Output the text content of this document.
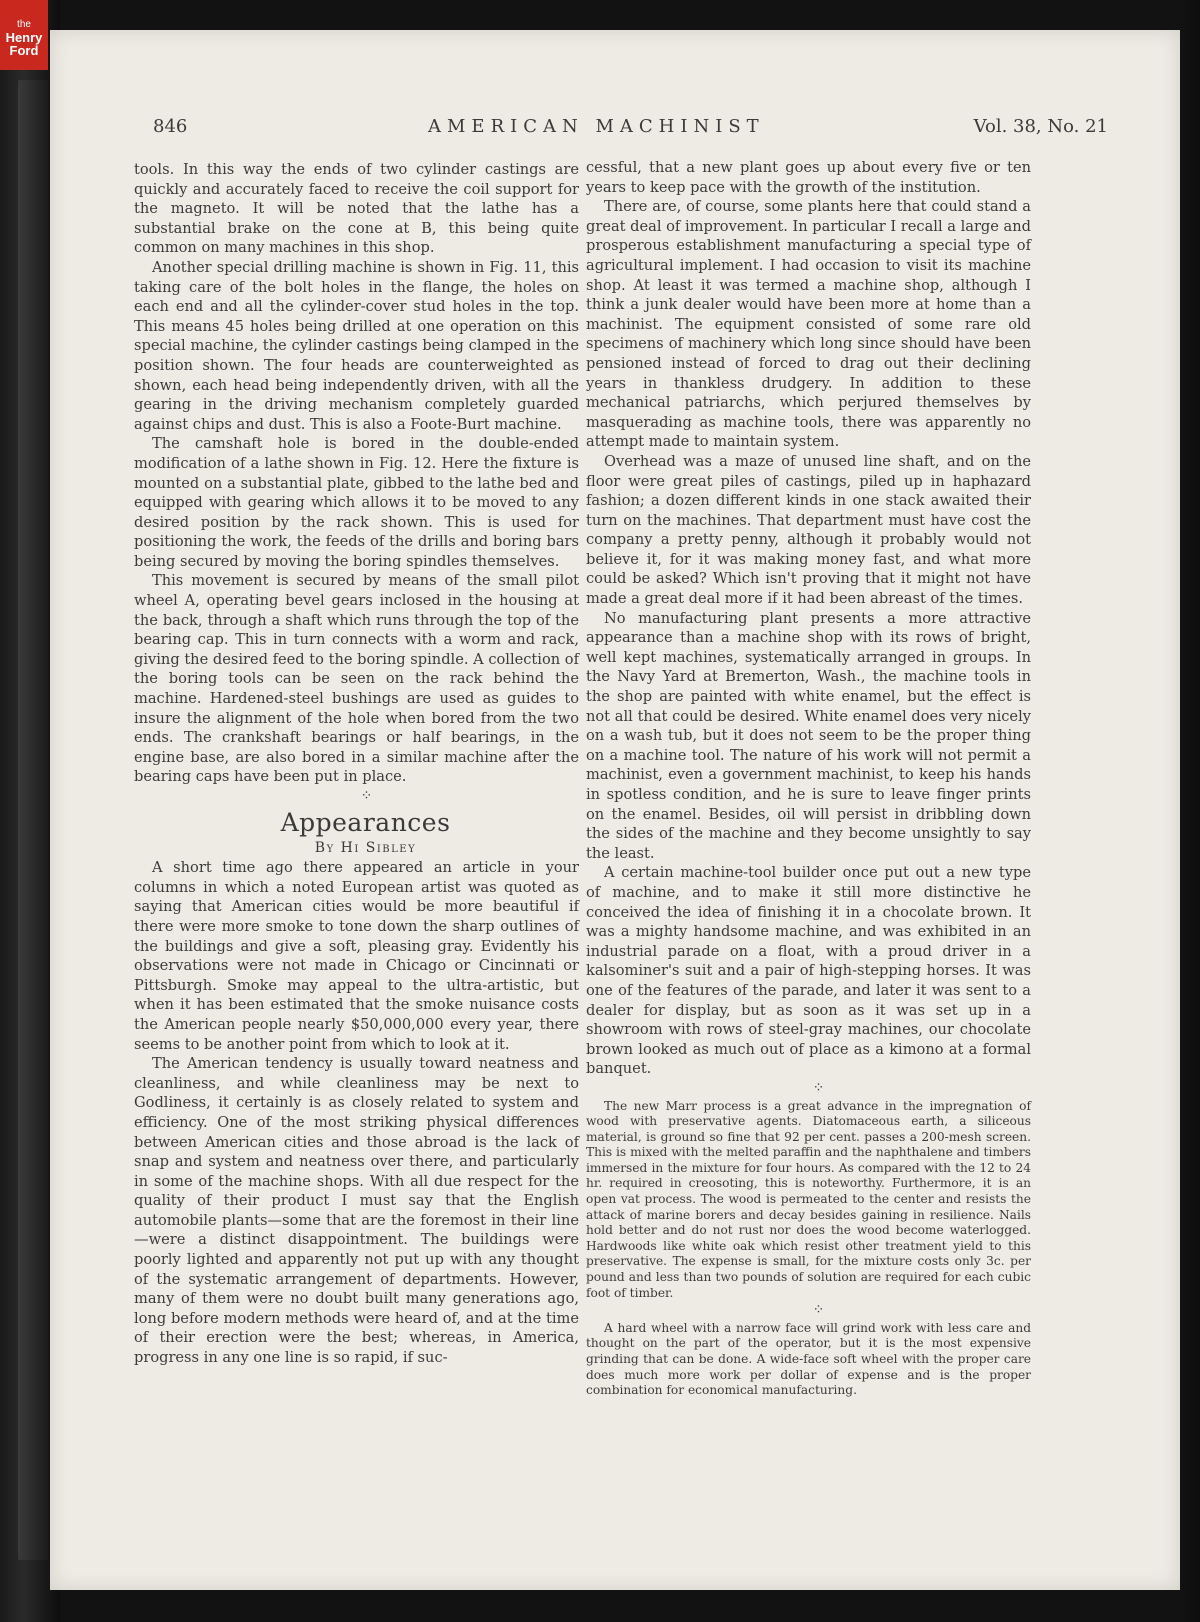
the
Henry
Ford
846	AMERICAN MACHINIST	Vol. 38, No. 21

tools. In this way the ends of two cylinder castings are quickly and accurately faced to receive the coil support for the magneto. It will be noted that the lathe has a substantial brake on the cone at B, this being quite common on many machines in this shop.

Another special drilling machine is shown in Fig. 11, this taking care of the bolt holes in the flange, the holes on each end and all the cylinder-cover stud holes in the top. This means 45 holes being drilled at one operation on this special machine, the cylinder castings being clamped in the position shown. The four heads are counterweighted as shown, each head being independently driven, with all the gearing in the driving mechanism completely guarded against chips and dust. This is also a Foote-Burt machine.

The camshaft hole is bored in the double-ended modification of a lathe shown in Fig. 12. Here the fixture is mounted on a substantial plate, gibbed to the lathe bed and equipped with gearing which allows it to be moved to any desired position by the rack shown. This is used for positioning the work, the feeds of the drills and boring bars being secured by moving the boring spindles themselves.

This movement is secured by means of the small pilot wheel A, operating bevel gears inclosed in the housing at the back, through a shaft which runs through the top of the bearing cap. This in turn connects with a worm and rack, giving the desired feed to the boring spindle. A collection of the boring tools can be seen on the rack behind the machine. Hardened-steel bushings are used as guides to insure the alignment of the hole when bored from the two ends. The crankshaft bearings or half bearings, in the engine base, are also bored in a similar machine after the bearing caps have been put in place.

⁘

Appearances

By Hi Sibley

A short time ago there appeared an article in your columns in which a noted European artist was quoted as saying that American cities would be more beautiful if there were more smoke to tone down the sharp outlines of the buildings and give a soft, pleasing gray. Evidently his observations were not made in Chicago or Cincinnati or Pittsburgh. Smoke may appeal to the ultra-artistic, but when it has been estimated that the smoke nuisance costs the American people nearly $50,000,000 every year, there seems to be another point from which to look at it.

The American tendency is usually toward neatness and cleanliness, and while cleanliness may be next to Godliness, it certainly is as closely related to system and efficiency. One of the most striking physical differences between American cities and those abroad is the lack of snap and system and neatness over there, and particularly in some of the machine shops. With all due respect for the quality of their product I must say that the English automobile plants—some that are the foremost in their line—were a distinct disappointment. The buildings were poorly lighted and apparently not put up with any thought of the systematic arrangement of departments. However, many of them were no doubt built many generations ago, long before modern methods were heard of, and at the time of their erection were the best; whereas, in America, progress in any one line is so rapid, if suc-

cessful, that a new plant goes up about every five or ten years to keep pace with the growth of the institution.

There are, of course, some plants here that could stand a great deal of improvement. In particular I recall a large and prosperous establishment manufacturing a special type of agricultural implement. I had occasion to visit its machine shop. At least it was termed a machine shop, although I think a junk dealer would have been more at home than a machinist. The equipment consisted of some rare old specimens of machinery which long since should have been pensioned instead of forced to drag out their declining years in thankless drudgery. In addition to these mechanical patriarchs, which perjured themselves by masquerading as machine tools, there was apparently no attempt made to maintain system.

Overhead was a maze of unused line shaft, and on the floor were great piles of castings, piled up in haphazard fashion; a dozen different kinds in one stack awaited their turn on the machines. That department must have cost the company a pretty penny, although it probably would not believe it, for it was making money fast, and what more could be asked? Which isn't proving that it might not have made a great deal more if it had been abreast of the times.

No manufacturing plant presents a more attractive appearance than a machine shop with its rows of bright, well kept machines, systematically arranged in groups. In the Navy Yard at Bremerton, Wash., the machine tools in the shop are painted with white enamel, but the effect is not all that could be desired. White enamel does very nicely on a wash tub, but it does not seem to be the proper thing on a machine tool. The nature of his work will not permit a machinist, even a government machinist, to keep his hands in spotless condition, and he is sure to leave finger prints on the enamel. Besides, oil will persist in dribbling down the sides of the machine and they become unsightly to say the least.

A certain machine-tool builder once put out a new type of machine, and to make it still more distinctive he conceived the idea of finishing it in a chocolate brown. It was a mighty handsome machine, and was exhibited in an industrial parade on a float, with a proud driver in a kalsominer's suit and a pair of high-stepping horses. It was one of the features of the parade, and later it was sent to a dealer for display, but as soon as it was set up in a showroom with rows of steel-gray machines, our chocolate brown looked as much out of place as a kimono at a formal banquet.

⁘

The new Marr process is a great advance in the impregnation of wood with preservative agents. Diatomaceous earth, a siliceous material, is ground so fine that 92 per cent. passes a 200-mesh screen. This is mixed with the melted paraffin and the naphthalene and timbers immersed in the mixture for four hours. As compared with the 12 to 24 hr. required in creosoting, this is noteworthy. Furthermore, it is an open vat process. The wood is permeated to the center and resists the attack of marine borers and decay besides gaining in resilience. Nails hold better and do not rust nor does the wood become waterlogged. Hardwoods like white oak which resist other treatment yield to this preservative. The expense is small, for the mixture costs only 3c. per pound and less than two pounds of solution are required for each cubic foot of timber.

⁘

A hard wheel with a narrow face will grind work with less care and thought on the part of the operator, but it is the most expensive grinding that can be done. A wide-face soft wheel with the proper care does much more work per dollar of expense and is the proper combination for economical manufacturing.
